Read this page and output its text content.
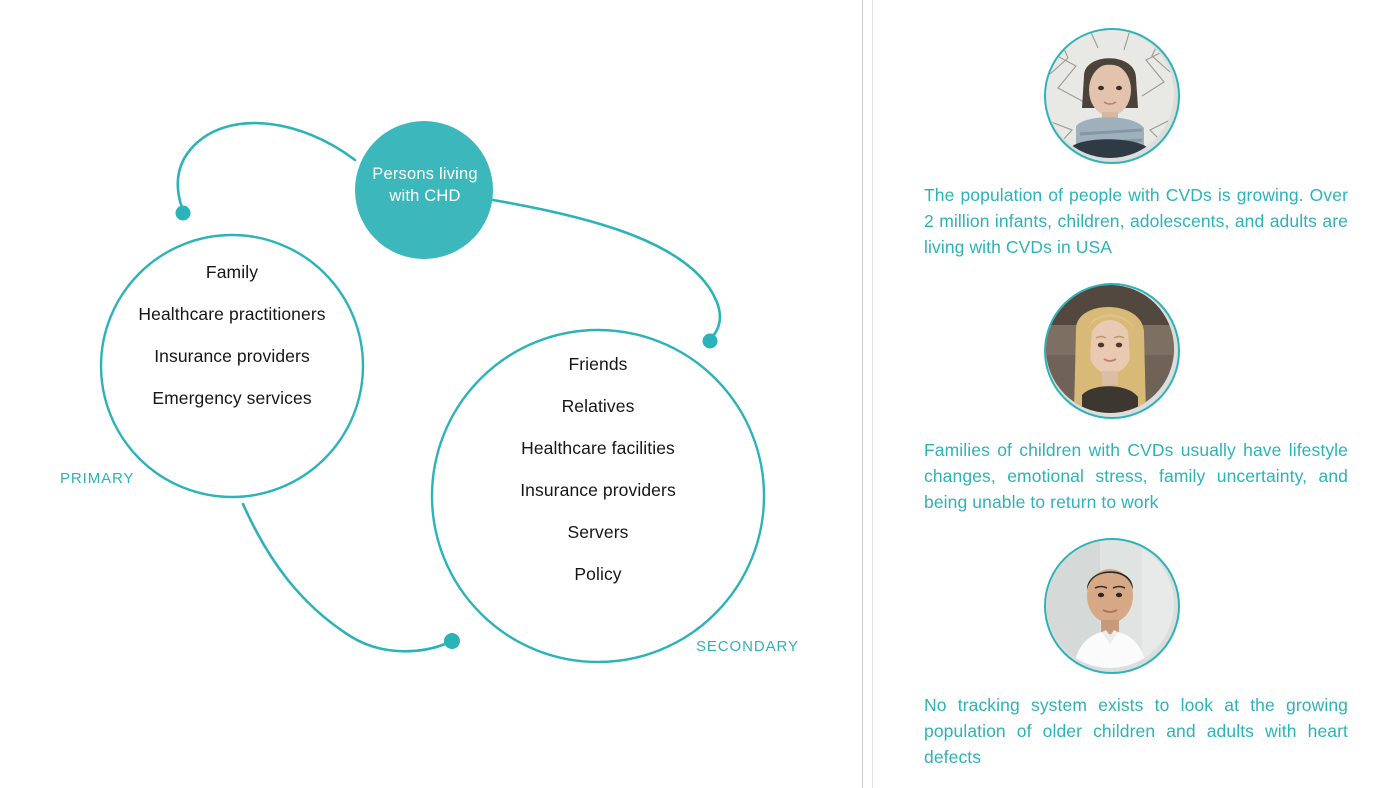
Persons living with CHD
Family
Healthcare practitioners
Insurance providers
Emergency services
Friends
Relatives
Healthcare facilities
Insurance providers
Servers
Policy
PRIMARY
SECONDARY
The population of people with CVDs is growing. Over 2 million infants, children, adolescents, and adults are living with CVDs in USA
Families of children with CVDs usually have lifestyle changes, emotional stress, family uncertainty, and being unable to return to work
No tracking system exists to look at the growing population of older children and adults with heart defects
